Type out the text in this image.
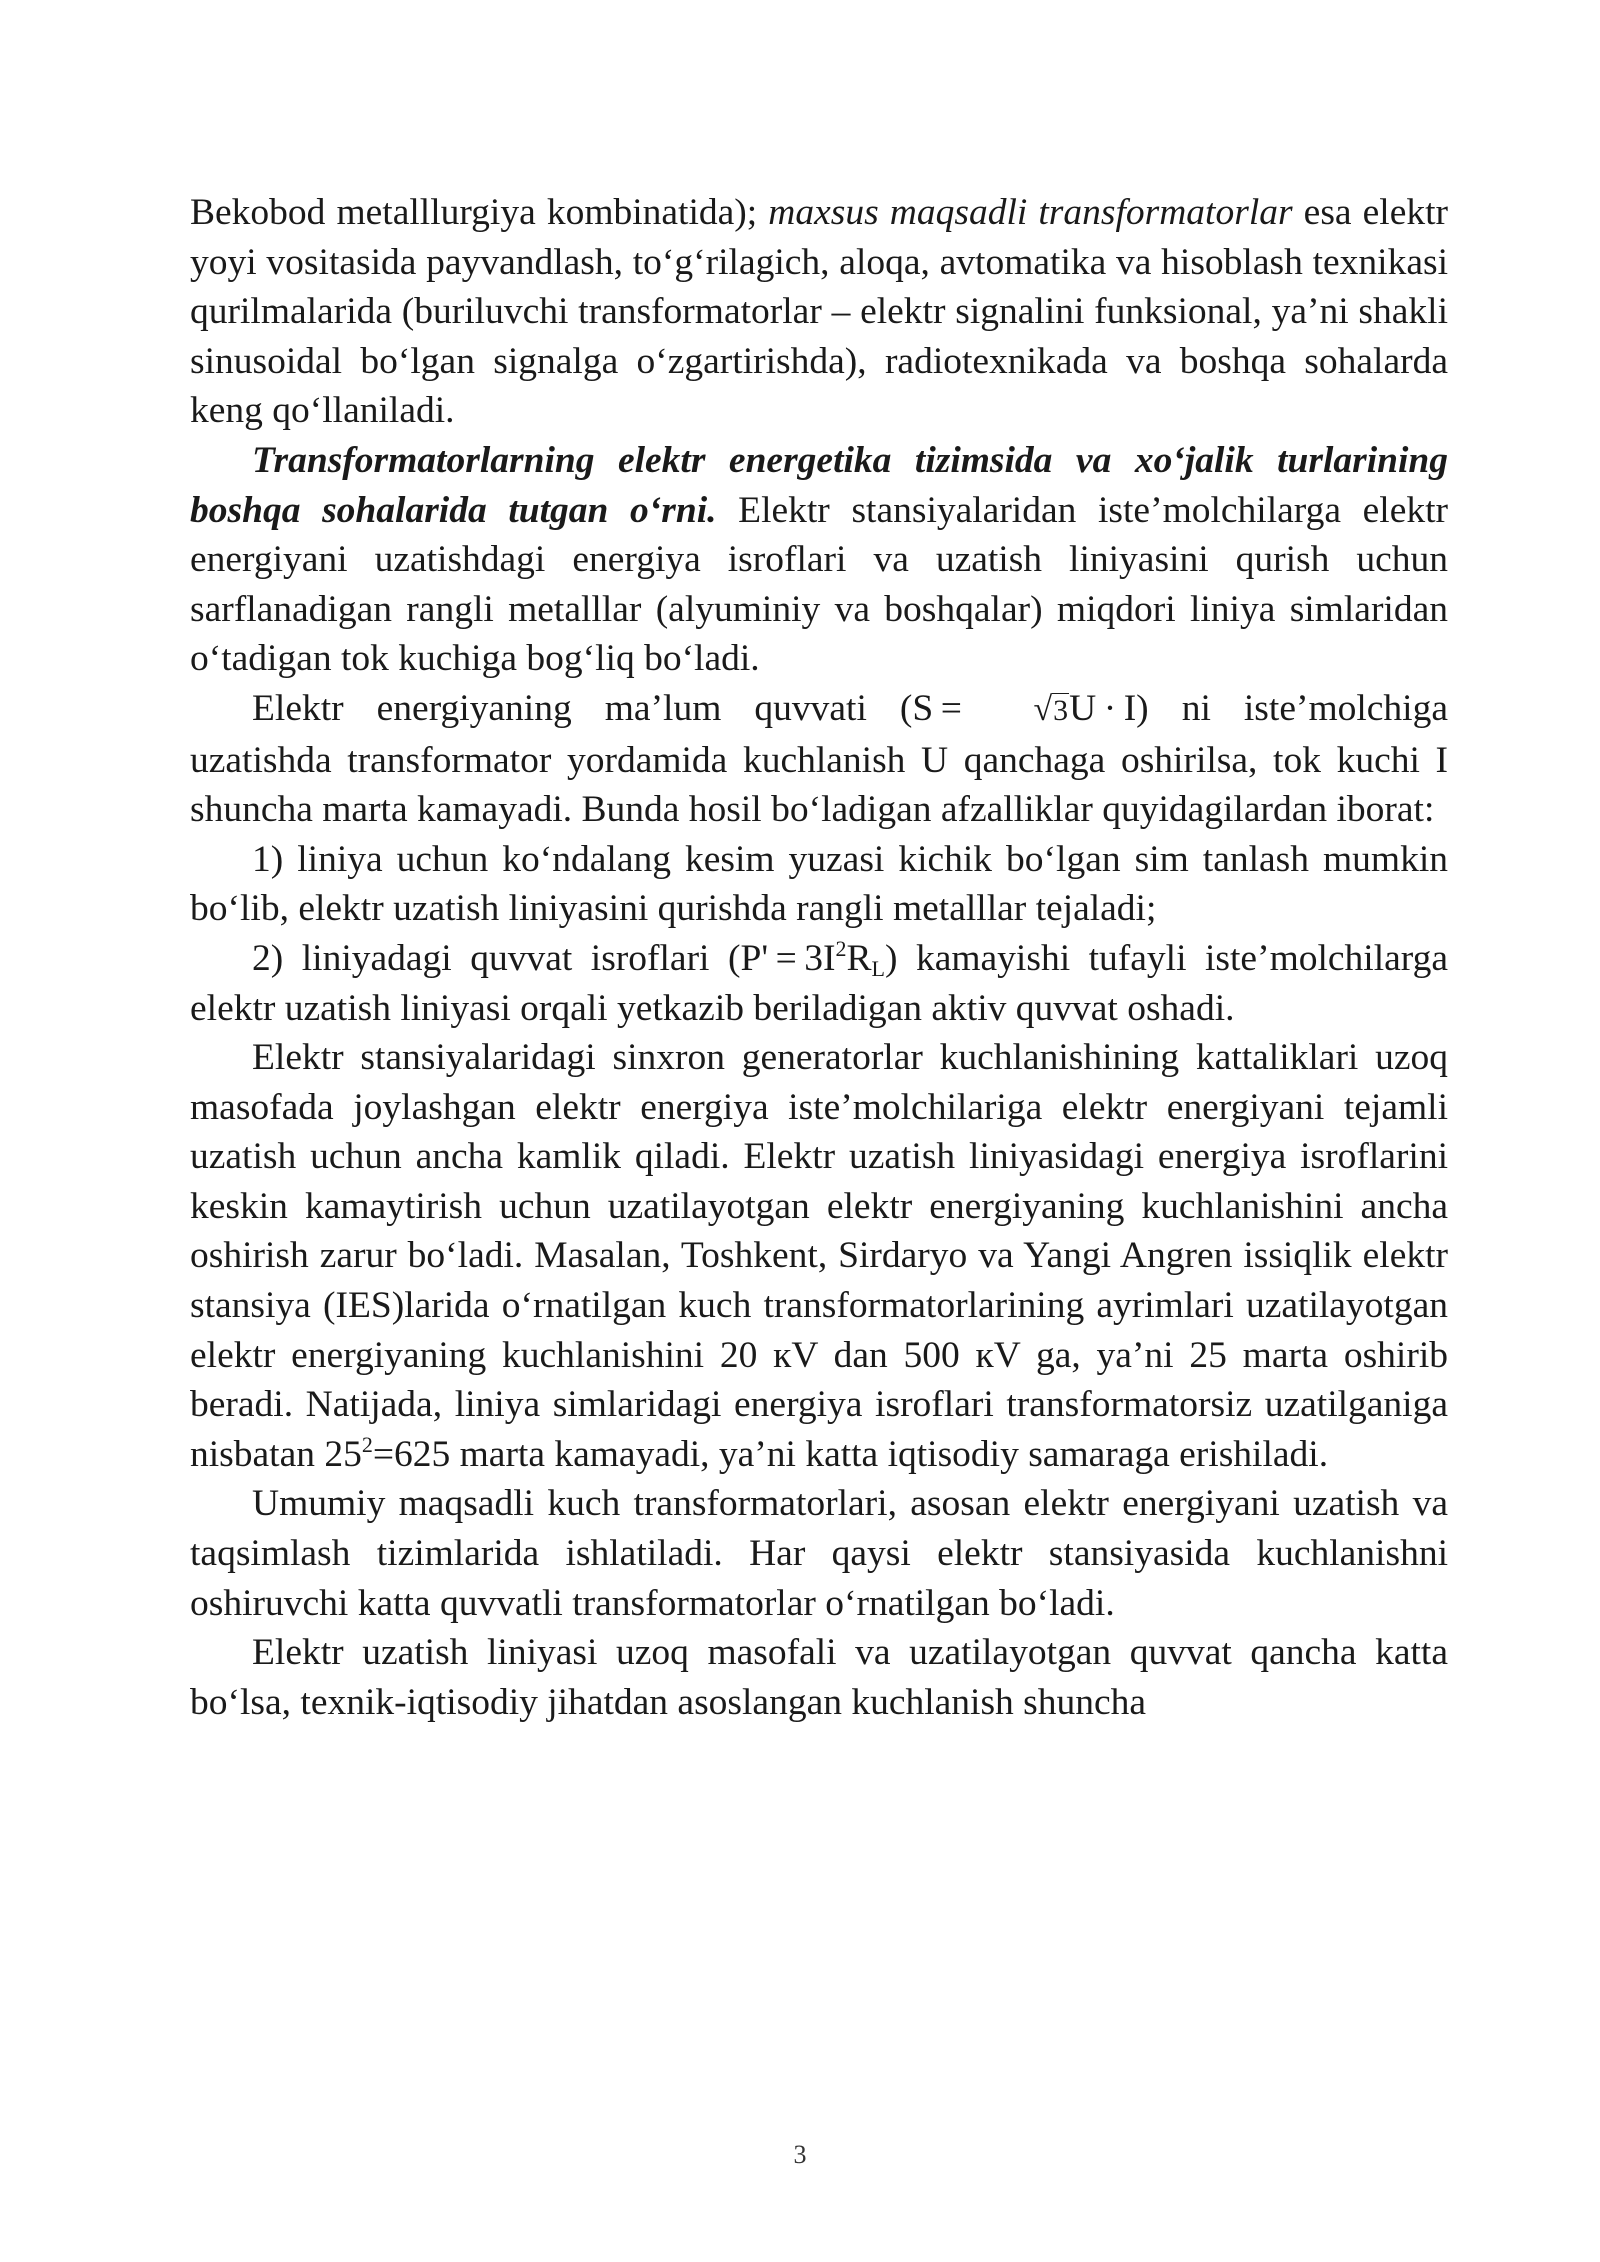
Bekobod metalllurgiya kombinatida); maxsus maqsadli transformatorlar esa elektr yoyi vositasida payvandlash, to‘g‘rilagich, aloqa, avtomatika va hisoblash texnikasi qurilmalarida (buriluvchi transformatorlar – elektr signalini funksional, ya’ni shakli sinusoidal bo‘lgan signalga o‘zgartirishda), radiotexnikada va boshqa sohalarda keng qo‘llaniladi.

Transformatorlarning elektr energetika tizimsida va xo‘jalik turlarining boshqa sohalarida tutgan o‘rni. Elektr stansiyalaridan iste’molchilarga elektr energiyani uzatishdagi energiya isroflari va uzatish liniyasini qurish uchun sarflanadigan rangli metalllar (alyuminiy va boshqalar) miqdori liniya simlaridan o‘tadigan tok kuchiga bog‘liq bo‘ladi.

Elektr energiyaning ma’lum quvvati (S = √3U · I) ni iste’molchiga uzatishda transformator yordamida kuchlanish U qanchaga oshirilsa, tok kuchi I shuncha marta kamayadi. Bunda hosil bo‘ladigan afzalliklar quyidagilardan iborat:

1) liniya uchun ko‘ndalang kesim yuzasi kichik bo‘lgan sim tanlash mumkin bo‘lib, elektr uzatish liniyasini qurishda rangli metalllar tejaladi;

2) liniyadagi quvvat isroflari $(P' = 3I^2R_L)$ kamayishi tufayli iste’molchilarga elektr uzatish liniyasi orqali yetkazib beriladigan aktiv quvvat oshadi.

Elektr stansiyalaridagi sinxron generatorlar kuchlanishining kattaliklari uzoq masofada joylashgan elektr energiya iste’molchilariga elektr energiyani tejamli uzatish uchun ancha kamlik qiladi. Elektr uzatish liniyasidagi energiya isroflarini keskin kamaytirish uchun uzatilayotgan elektr energiyaning kuchlanishini ancha oshirish zarur bo‘ladi. Masalan, Toshkent, Sirdaryo va Yangi Angren issiqlik elektr stansiya (IES)larida o‘rnatilgan kuch transformatorlarining ayrimlari uzatilayotgan elektr energiyaning kuchlanishini 20 кV dan 500 кV ga, ya’ni 25 marta oshirib beradi. Natijada, liniya simlaridagi energiya isroflari transformatorsiz uzatilganiga nisbatan $25^2=625$ marta kamayadi, ya’ni katta iqtisodiy samaraga erishiladi.

Umumiy maqsadli kuch transformatorlari, asosan elektr energiyani uzatish va taqsimlash tizimlarida ishlatiladi. Har qaysi elektr stansiyasida kuchlanishni oshiruvchi katta quvvatli transformatorlar o‘rnatilgan bo‘ladi.

Elektr uzatish liniyasi uzoq masofali va uzatilayotgan quvvat qancha katta bo‘lsa, texnik-iqtisodiy jihatdan asoslangan kuchlanish shuncha

3
